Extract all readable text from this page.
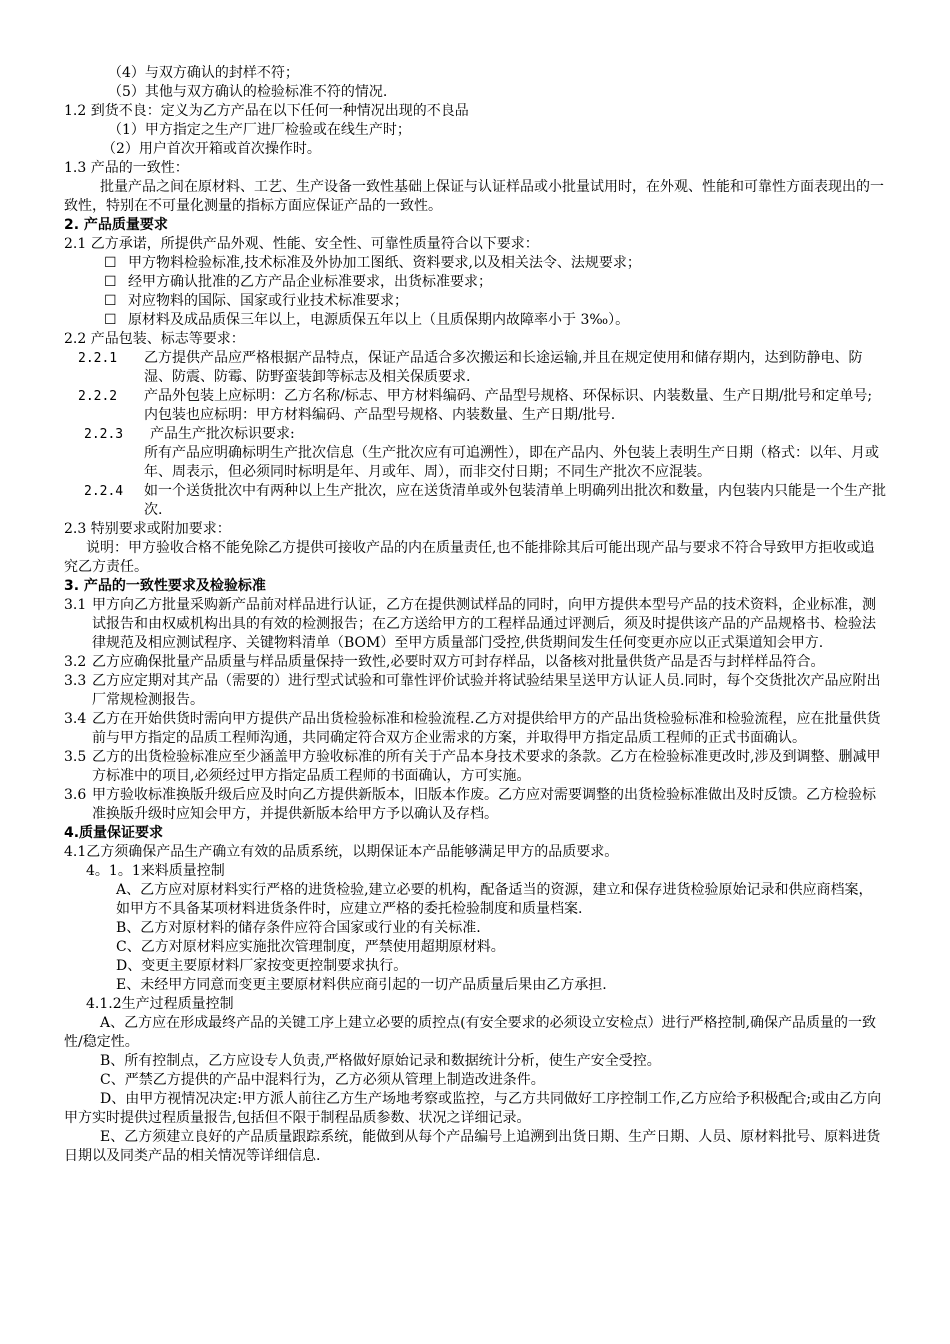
（4）与双方确认的封样不符；
（5）其他与双方确认的检验标准不符的情况.
1.2 到货不良：定义为乙方产品在以下任何一种情况出现的不良品
（1）甲方指定之生产厂进厂检验或在线生产时；
（2）用户首次开箱或首次操作时。
1.3 产品的一致性：
批量产品之间在原材料、工艺、生产设备一致性基础上保证与认证样品或小批量试用时，在外观、性能和可靠性方面表现出的一致性，特别在不可量化测量的指标方面应保证产品的一致性。
2. 产品质量要求
2.1 乙方承诺，所提供产品外观、性能、安全性、可靠性质量符合以下要求：
☐ 甲方物料检验标准,技术标准及外协加工图纸、资料要求,以及相关法令、法规要求；
☐ 经甲方确认批准的乙方产品企业标准要求，出货标准要求；
☐ 对应物料的国际、国家或行业技术标准要求；
☐ 原材料及成品质保三年以上，电源质保五年以上（且质保期内故障率小于 3‰）。
2.2 产品包装、标志等要求：
2.2.1	乙方提供产品应严格根据产品特点，保证产品适合多次搬运和长途运输,并且在规定使用和储存期内，达到防静电、防湿、防震、防霉、防野蛮装卸等标志及相关保质要求.
2.2.2	产品外包装上应标明：乙方名称/标志、甲方材料编码、产品型号规格、环保标识、内装数量、生产日期/批号和定单号;内包装也应标明：甲方材料编码、产品型号规格、内装数量、生产日期/批号.
2.2.3	产品生产批次标识要求:
所有产品应明确标明生产批次信息（生产批次应有可追溯性），即在产品内、外包装上表明生产日期（格式：以年、月或年、周表示，但必须同时标明是年、月或年、周），而非交付日期；不同生产批次不应混装。
2.2.4	如一个送货批次中有两种以上生产批次，应在送货清单或外包装清单上明确列出批次和数量，内包装内只能是一个生产批次.
2.3 特别要求或附加要求：
说明：甲方验收合格不能免除乙方提供可接收产品的内在质量责任,也不能排除其后可能出现产品与要求不符合导致甲方拒收或追究乙方责任。
3. 产品的一致性要求及检验标准
3.1 甲方向乙方批量采购新产品前对样品进行认证，乙方在提供测试样品的同时，向甲方提供本型号产品的技术资料，企业标准，测试报告和由权威机构出具的有效的检测报告；在乙方送给甲方的工程样品通过评测后，须及时提供该产品的产品规格书、检验法律规范及相应测试程序、关键物料清单（BOM）至甲方质量部门受控,供货期间发生任何变更亦应以正式渠道知会甲方.
3.2 乙方应确保批量产品质量与样品质量保持一致性,必要时双方可封存样品，以备核对批量供货产品是否与封样样品符合。
3.3 乙方应定期对其产品（需要的）进行型式试验和可靠性评价试验并将试验结果呈送甲方认证人员.同时，每个交货批次产品应附出厂常规检测报告。
3.4 乙方在开始供货时需向甲方提供产品出货检验标准和检验流程.乙方对提供给甲方的产品出货检验标准和检验流程，应在批量供货前与甲方指定的品质工程师沟通，共同确定符合双方企业需求的方案，并取得甲方指定品质工程师的正式书面确认。
3.5 乙方的出货检验标准应至少涵盖甲方验收标准的所有关于产品本身技术要求的条款。乙方在检验标准更改时,涉及到调整、删减甲方标准中的项目,必须经过甲方指定品质工程师的书面确认，方可实施。
3.6 甲方验收标准换版升级后应及时向乙方提供新版本，旧版本作废。乙方应对需要调整的出货检验标准做出及时反馈。乙方检验标准换版升级时应知会甲方，并提供新版本给甲方予以确认及存档。
4.质量保证要求
4.1乙方须确保产品生产确立有效的品质系统，以期保证本产品能够满足甲方的品质要求。
4。1。1来料质量控制
A、乙方应对原材料实行严格的进货检验,建立必要的机构，配备适当的资源，建立和保存进货检验原始记录和供应商档案，如甲方不具备某项材料进货条件时，应建立严格的委托检验制度和质量档案.
B、乙方对原材料的储存条件应符合国家或行业的有关标准.
C、乙方对原材料应实施批次管理制度，严禁使用超期原材料。
D、变更主要原材料厂家按变更控制要求执行。
E、未经甲方同意而变更主要原材料供应商引起的一切产品质量后果由乙方承担.
4.1.2生产过程质量控制
A、乙方应在形成最终产品的关键工序上建立必要的质控点(有安全要求的必须设立安检点）进行严格控制,确保产品质量的一致性/稳定性。
B、所有控制点，乙方应设专人负责,严格做好原始记录和数据统计分析，使生产安全受控。
C、严禁乙方提供的产品中混料行为，乙方必须从管理上制造改进条件。
D、由甲方视情况决定:甲方派人前往乙方生产场地考察或监控，与乙方共同做好工序控制工作,乙方应给予积极配合;或由乙方向甲方实时提供过程质量报告,包括但不限于制程品质参数、状况之详细记录。
E、乙方须建立良好的产品质量跟踪系统，能做到从每个产品编号上追溯到出货日期、生产日期、人员、原材料批号、原料进货日期以及同类产品的相关情况等详细信息.
